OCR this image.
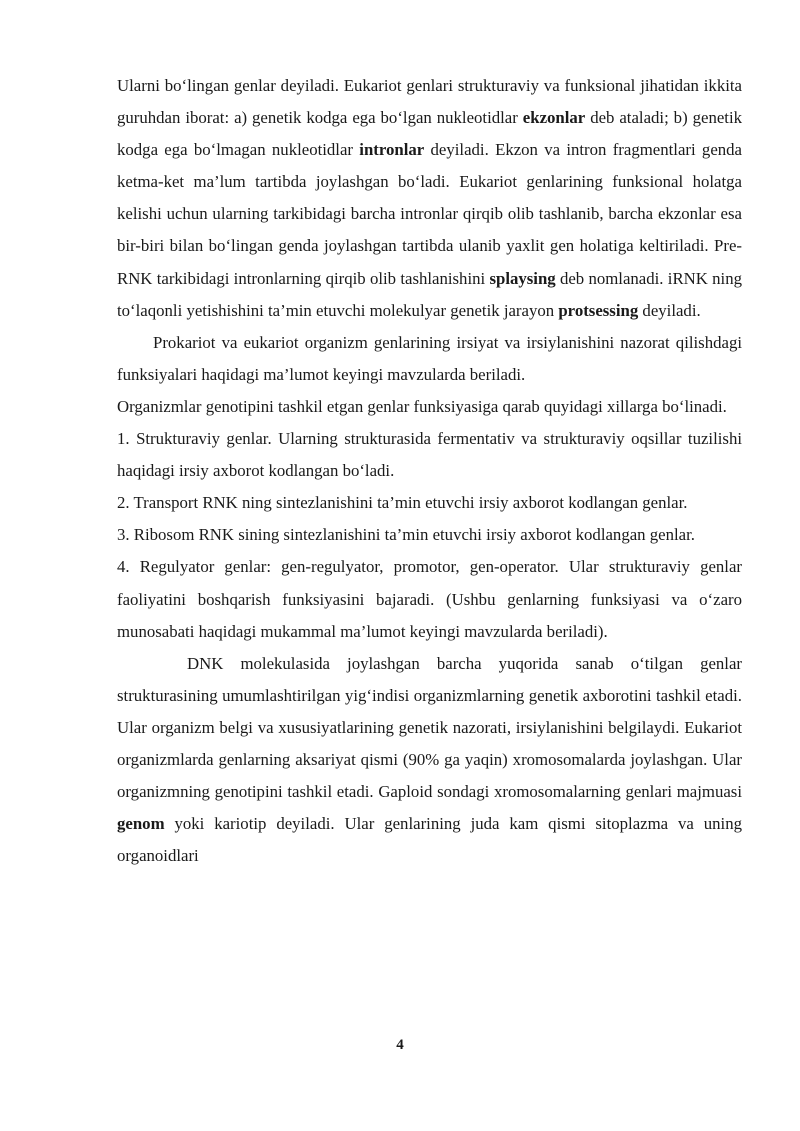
Ularni bo‘lingan genlar deyiladi. Eukariot genlari strukturaviy va funksional jihatidan ikkita guruhdan iborat: a) genetik kodga ega bo‘lgan nukleotidlar ekzonlar deb ataladi; b) genetik kodga ega bo‘lmagan nukleotidlar intronlar deyiladi. Ekzon va intron fragmentlari genda ketma-ket ma’lum tartibda joylashgan bo‘ladi. Eukariot genlarining funksional holatga kelishi uchun ularning tarkibidagi barcha intronlar qirqib olib tashlanib, barcha ekzonlar esa bir-biri bilan bo‘lingan genda joylashgan tartibda ulanib yaxlit gen holatiga keltiriladi. Pre-RNK tarkibidagi intronlarning qirqib olib tashlanishini splaysing deb nomlanadi. iRNK ning to‘laqonli yetishishini ta’min etuvchi molekulyar genetik jarayon protsessing deyiladi.

Prokariot va eukariot organizm genlarining irsiyat va irsiylanishini nazorat qilishdagi funksiyalari haqidagi ma’lumot keyingi mavzularda beriladi.

Organizmlar genotipini tashkil etgan genlar funksiyasiga qarab quyidagi xillarga bo‘linadi.

1. Strukturaviy genlar. Ularning strukturasida fermentativ va strukturaviy oqsillar tuzilishi haqidagi irsiy axborot kodlangan bo‘ladi.

2. Transport RNK ning sintezlanishini ta’min etuvchi irsiy axborot kodlangan genlar.

3. Ribosom RNK sining sintezlanishini ta’min etuvchi irsiy axborot kodlangan genlar.

4. Regulyator genlar: gen-regulyator, promotor, gen-operator. Ular strukturaviy genlar faoliyatini boshqarish funksiyasini bajaradi. (Ushbu genlarning funksiyasi va o‘zaro munosabati haqidagi mukammal ma’lumot keyingi mavzularda beriladi).

DNK molekulasida joylashgan barcha yuqorida sanab o‘tilgan genlar strukturasining umumlashtirilgan yig‘indisi organizmlarning genetik axborotini tashkil etadi. Ular organizm belgi va xususiyatlarining genetik nazorati, irsiylanishini belgilaydi. Eukariot organizmlarda genlarning aksariyat qismi (90% ga yaqin) xromosomalarda joylashgan. Ular organizmning genotipini tashkil etadi. Gaploid sondagi xromosomalarning genlari majmuasi genom yoki kariotip deyiladi. Ular genlarining juda kam qismi sitoplazma va uning organoidlari

4
